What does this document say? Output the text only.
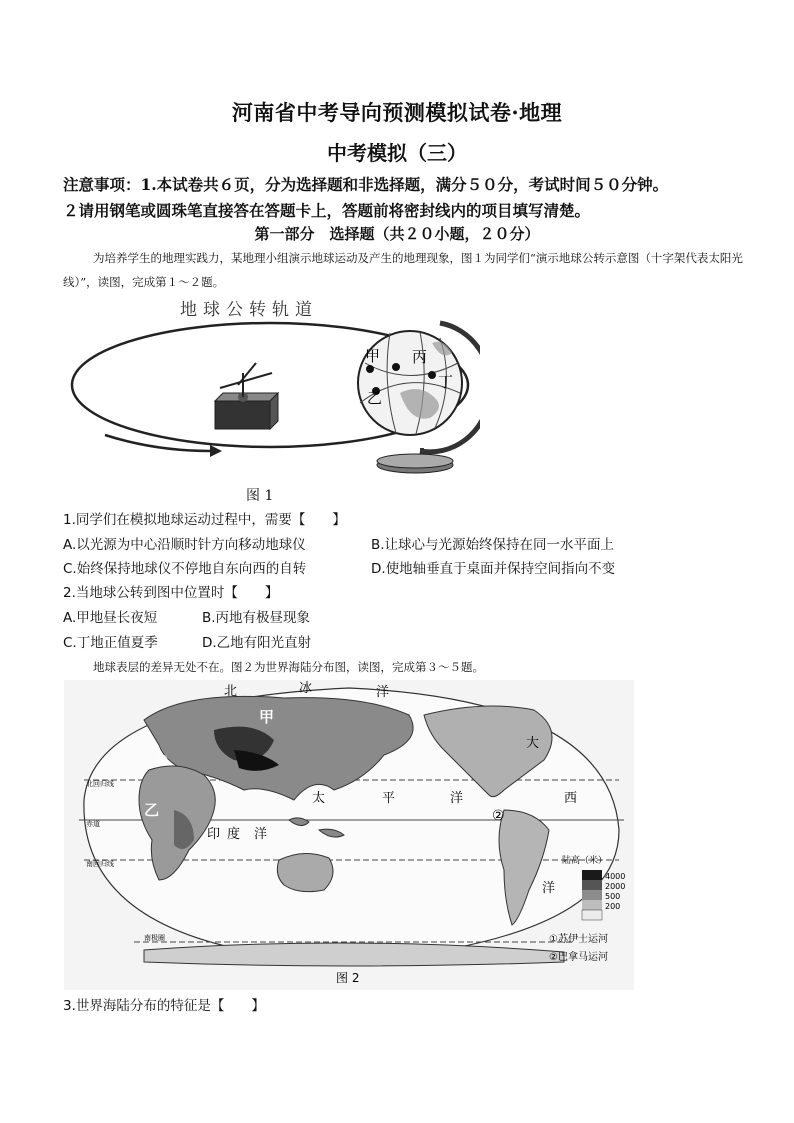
河南省中考导向预测模拟试卷·地理
中考模拟（三）
注意事项：1.本试卷共６页，分为选择题和非选择题，满分５０分，考试时间５０分钟。
２请用钢笔或圆珠笔直接答在答题卡上，答题前将密封线内的项目填写清楚。
第一部分　选择题（共２０小题，２０分）
为培养学生的地理实践力，某地理小组演示地球运动及产生的地理现象，图１为同学们“演示地球公转示意图（十字架代表太阳光线）”，读图，完成第１～２题。
地球公转轨道
甲 丙
乙
丁
图 1
1.同学们在模拟地球运动过程中，需要【　　】
A.以光源为中心沿顺时针方向移动地球仪	B.让球心与光源始终保持在同一水平面上
C.始终保持地球仪不停地自东向西的自转	D.使地轴垂直于桌面并保持空间指向不变
2.当地球公转到图中位置时【　　】
A.甲地昼长夜短	B.丙地有极昼现象
C.丁地正值夏季	D.乙地有阳光直射
地球表层的差异无处不在。图２为世界海陆分布图，读图，完成第３～５题。
北	冰	洋
太	平	洋
印 度 洋
大
西
洋
甲
乙
①
②
北回归线
赤道
南回归线
南极圈
陆高（米）
4000
2000
500
200
①苏伊士运河
②巴拿马运河
图 2
3.世界海陆分布的特征是【　　】
